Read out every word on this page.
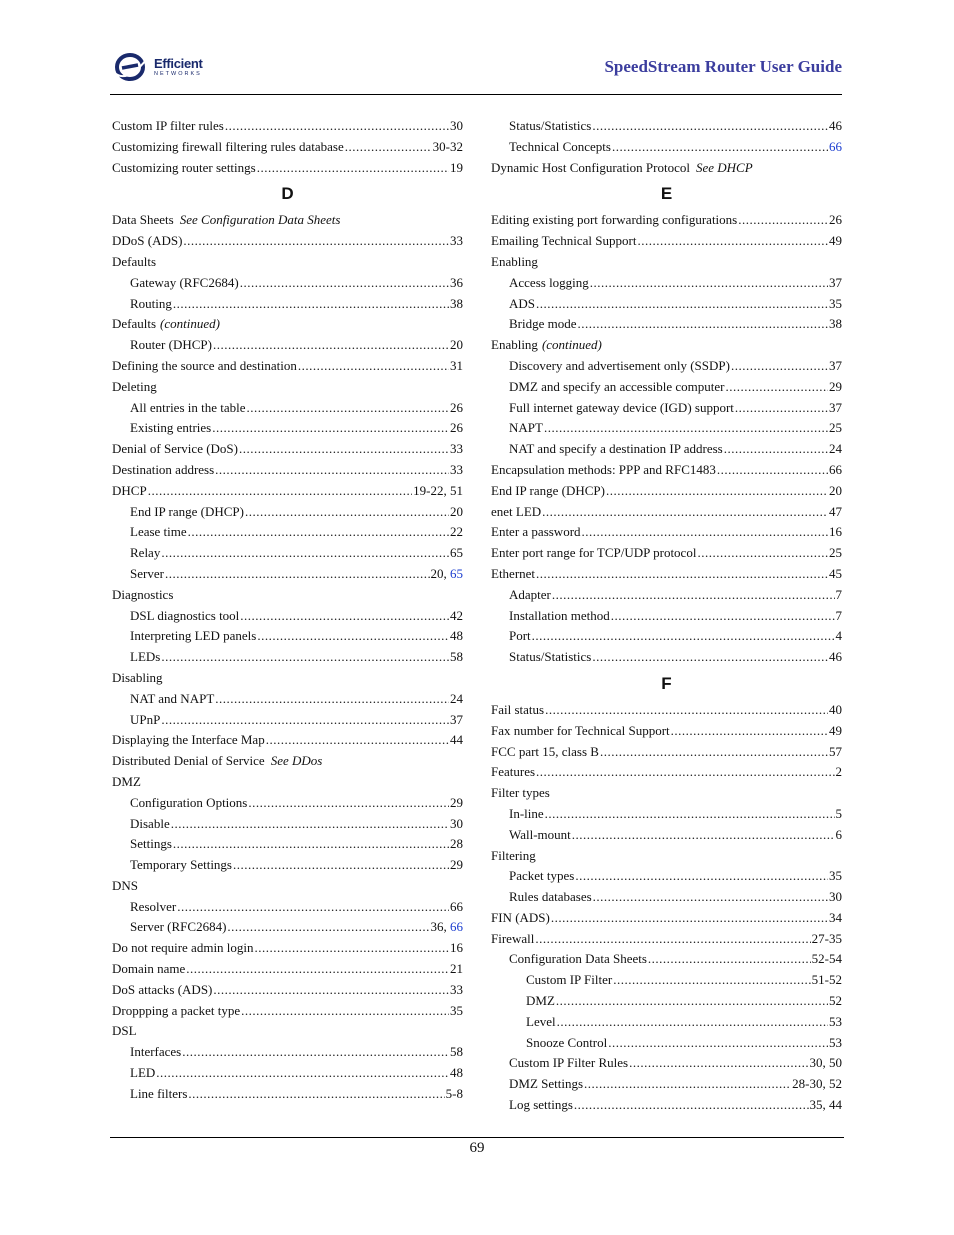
Efficient
NETWORKS	SpeedStream Router User Guide
Custom IP filter rules .....	30
Customizing firewall filtering rules database .....	30-32
Customizing router settings .....	19
D
Data Sheets See Configuration Data Sheets
DDoS (ADS) .....	33
Defaults
Gateway (RFC2684) .....	36
Routing .....	38
Defaults (continued)
Router (DHCP) .....	20
Defining the source and destination .....	31
Deleting
All entries in the table .....	26
Existing entries .....	26
Denial of Service (DoS) .....	33
Destination address .....	33
DHCP .....	19-22, 51
End IP range (DHCP) .....	20
Lease time .....	22
Relay .....	65
Server .....	20, 65
Diagnostics
DSL diagnostics tool .....	42
Interpreting LED panels .....	48
LEDs .....	58
Disabling
NAT and NAPT .....	24
UPnP .....	37
Displaying the Interface Map .....	44
Distributed Denial of Service See DDos
DMZ
Configuration Options .....	29
Disable .....	30
Settings .....	28
Temporary Settings .....	29
DNS
Resolver .....	66
Server (RFC2684) .....	36, 66
Do not require admin login .....	16
Domain name .....	21
DoS attacks (ADS) .....	33
Droppping a packet type .....	35
DSL
Interfaces .....	58
LED .....	48
Line filters .....	5-8
Status/Statistics .....	46
Technical Concepts .....	66
Dynamic Host Configuration Protocol See DHCP
E
Editing existing port forwarding configurations .....	26
Emailing Technical Support .....	49
Enabling
Access logging .....	37
ADS .....	35
Bridge mode .....	38
Enabling (continued)
Discovery and advertisement only (SSDP) .....	37
DMZ and specify an accessible computer .....	29
Full internet gateway device (IGD) support .....	37
NAPT .....	25
NAT and specify a destination IP address .....	24
Encapsulation methods: PPP and RFC1483 .....	66
End IP range (DHCP) .....	20
enet LED .....	47
Enter a password .....	16
Enter port range for TCP/UDP protocol .....	25
Ethernet .....	45
Adapter .....	7
Installation method .....	7
Port .....	4
Status/Statistics .....	46
F
Fail status .....	40
Fax number for Technical Support .....	49
FCC part 15, class B .....	57
Features .....	2
Filter types
In-line .....	5
Wall-mount .....	6
Filtering
Packet types .....	35
Rules databases .....	30
FIN (ADS) .....	34
Firewall .....	27-35
Configuration Data Sheets .....	52-54
Custom IP Filter .....	51-52
DMZ .....	52
Level .....	53
Snooze Control .....	53
Custom IP Filter Rules .....	30, 50
DMZ Settings .....	28-30, 52
Log settings .....	35, 44
69
